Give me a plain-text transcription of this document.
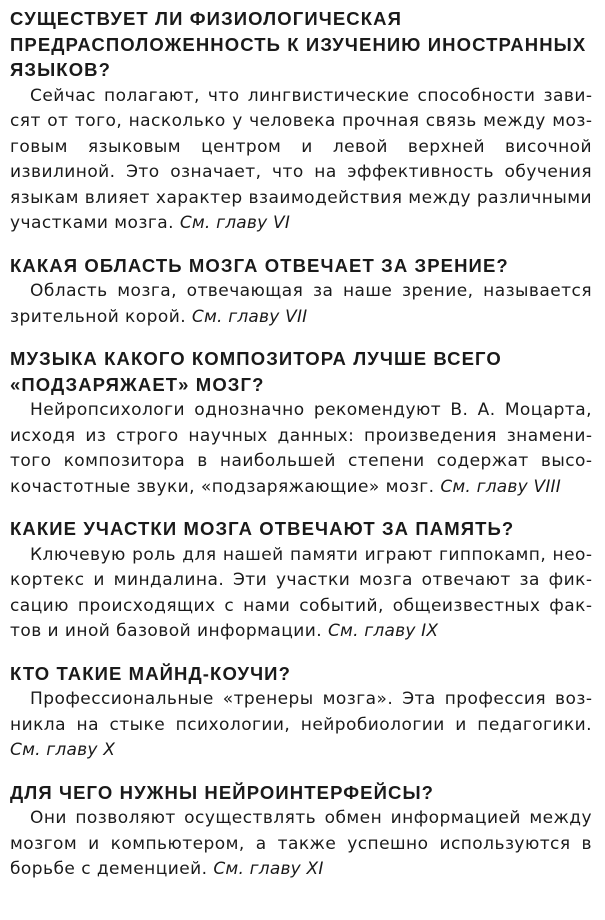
СУЩЕСТВУЕТ ЛИ ФИЗИОЛОГИЧЕСКАЯ ПРЕДРАСПОЛОЖЕННОСТЬ К ИЗУЧЕНИЮ ИНОСТРАННЫХ ЯЗЫКОВ?

Сейчас полагают, что лингвистические способности зависят от того, насколько у человека прочная связь между мозговым языковым центром и левой верхней височной извилиной. Это означает, что на эффективность обучения языкам влияет характер взаимодействия между различными участками мозга. См. главу VI

КАКАЯ ОБЛАСТЬ МОЗГА ОТВЕЧАЕТ ЗА ЗРЕНИЕ?

Область мозга, отвечающая за наше зрение, называется зрительной корой. См. главу VII

МУЗЫКА КАКОГО КОМПОЗИТОРА ЛУЧШЕ ВСЕГО «ПОДЗАРЯЖАЕТ» МОЗГ?

Нейропсихологи однозначно рекомендуют В. А. Моцарта, исходя из строго научных данных: произведения знаменитого композитора в наибольшей степени содержат высокочастотные звуки, «подзаряжающие» мозг. См. главу VIII

КАКИЕ УЧАСТКИ МОЗГА ОТВЕЧАЮТ ЗА ПАМЯТЬ?

Ключевую роль для нашей памяти играют гиппокамп, неокортекс и миндалина. Эти участки мозга отвечают за фиксацию происходящих с нами событий, общеизвестных фактов и иной базовой информации. См. главу IX

КТО ТАКИЕ МАЙНД-КОУЧИ?

Профессиональные «тренеры мозга». Эта профессия возникла на стыке психологии, нейробиологии и педагогики. См. главу X

ДЛЯ ЧЕГО НУЖНЫ НЕЙРОИНТЕРФЕЙСЫ?

Они позволяют осуществлять обмен информацией между мозгом и компьютером, а также успешно используются в борьбе с деменцией. См. главу XI
